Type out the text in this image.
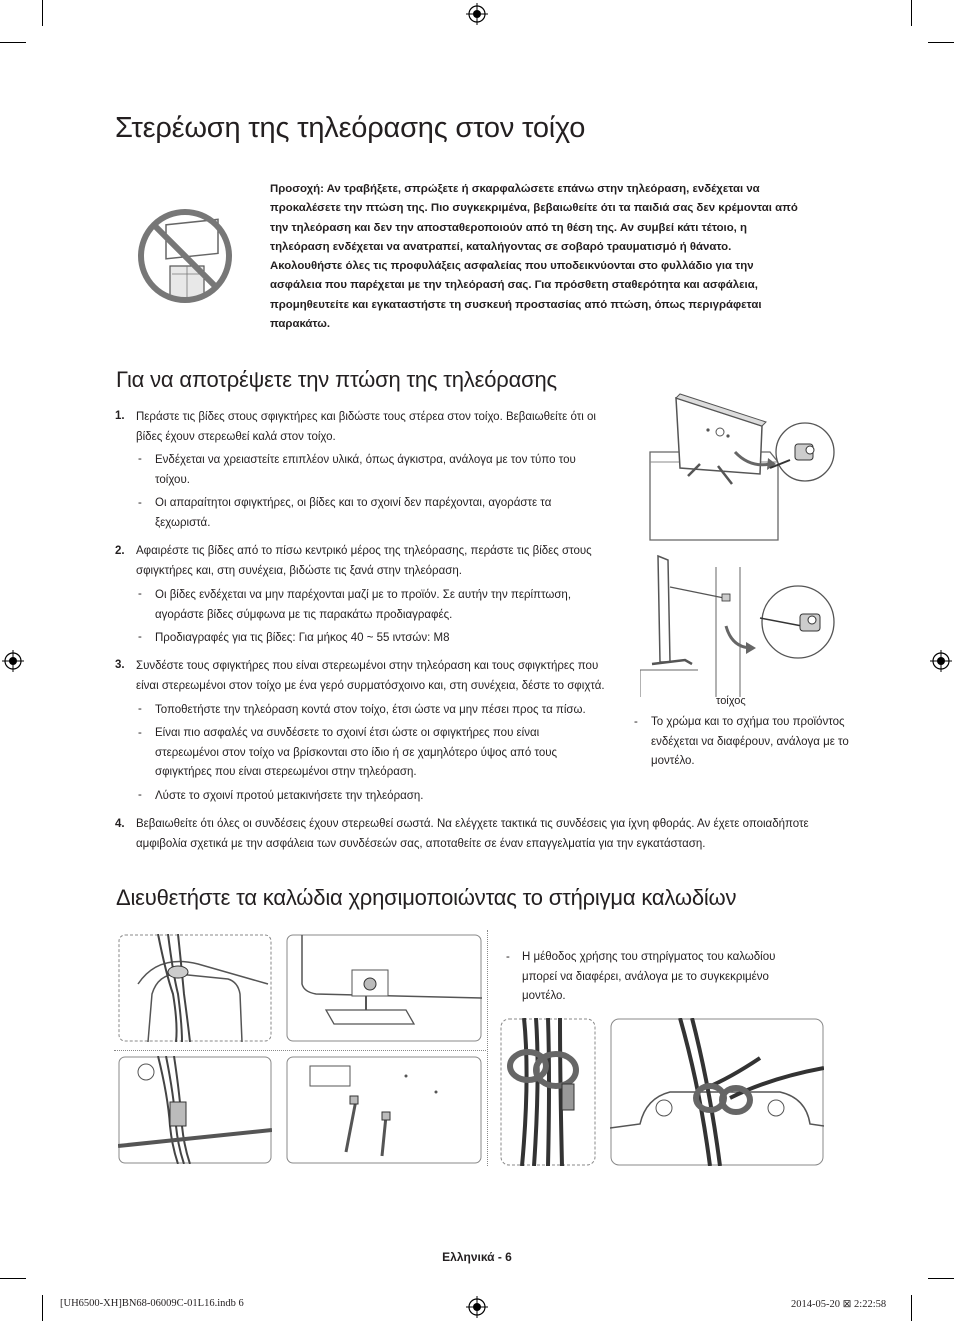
Στερέωση της τηλεόρασης στον τοίχο
Προσοχή: Αν τραβήξετε, σπρώξετε ή σκαρφαλώσετε επάνω στην τηλεόραση, ενδέχεται να προκαλέσετε την πτώση της. Πιο συγκεκριμένα, βεβαιωθείτε ότι τα παιδιά σας δεν κρέμονται από την τηλεόραση και δεν την αποσταθεροποιούν από τη θέση της. Αν συμβεί κάτι τέτοιο, η τηλεόραση ενδέχεται να ανατραπεί, καταλήγοντας σε σοβαρό τραυματισμό ή θάνατο. Ακολουθήστε όλες τις προφυλάξεις ασφαλείας που υποδεικνύονται στο φυλλάδιο για την ασφάλεια που παρέχεται με την τηλεόρασή σας. Για πρόσθετη σταθερότητα και ασφάλεια, προμηθευτείτε και εγκαταστήστε τη συσκευή προστασίας από πτώση, όπως περιγράφεται παρακάτω.
Για να αποτρέψετε την πτώση της τηλεόρασης
1. Περάστε τις βίδες στους σφιγκτήρες και βιδώστε τους στέρεα στον τοίχο. Βεβαιωθείτε ότι οι βίδες έχουν στερεωθεί καλά στον τοίχο.
- Ενδέχεται να χρειαστείτε επιπλέον υλικά, όπως άγκιστρα, ανάλογα με τον τύπο του τοίχου.
- Οι απαραίτητοι σφιγκτήρες, οι βίδες και το σχοινί δεν παρέχονται, αγοράστε τα ξεχωριστά.
2. Αφαιρέστε τις βίδες από το πίσω κεντρικό μέρος της τηλεόρασης, περάστε τις βίδες στους σφιγκτήρες και, στη συνέχεια, βιδώστε τις ξανά στην τηλεόραση.
- Οι βίδες ενδέχεται να μην παρέχονται μαζί με το προϊόν. Σε αυτήν την περίπτωση, αγοράστε βίδες σύμφωνα με τις παρακάτω προδιαγραφές.
- Προδιαγραφές για τις βίδες: Για μήκος 40 ~ 55 ιντσών: M8
3. Συνδέστε τους σφιγκτήρες που είναι στερεωμένοι στην τηλεόραση και τους σφιγκτήρες που είναι στερεωμένοι στον τοίχο με ένα γερό συρματόσχοινο και, στη συνέχεια, δέστε το σφιχτά.
- Τοποθετήστε την τηλεόραση κοντά στον τοίχο, έτσι ώστε να μην πέσει προς τα πίσω.
- Είναι πιο ασφαλές να συνδέσετε το σχοινί έτσι ώστε οι σφιγκτήρες που είναι στερεωμένοι στον τοίχο να βρίσκονται στο ίδιο ή σε χαμηλότερο ύψος από τους σφιγκτήρες που είναι στερεωμένοι στην τηλεόραση.
- Λύστε το σχοινί προτού μετακινήσετε την τηλεόραση.
4. Βεβαιωθείτε ότι όλες οι συνδέσεις έχουν στερεωθεί σωστά. Να ελέγχετε τακτικά τις συνδέσεις για ίχνη φθοράς. Αν έχετε οποιαδήποτε αμφιβολία σχετικά με την ασφάλεια των συνδέσεών σας, αποταθείτε σε έναν επαγγελματία για την εγκατάσταση.
τοίχος
- Το χρώμα και το σχήμα του προϊόντος ενδέχεται να διαφέρουν, ανάλογα με το μοντέλο.
Διευθετήστε τα καλώδια χρησιμοποιώντας το στήριγμα καλωδίων
- Η μέθοδος χρήσης του στηρίγματος του καλωδίου μπορεί να διαφέρει, ανάλογα με το συγκεκριμένο μοντέλο.
Ελληνικά - 6
[UH6500-XH]BN68-06009C-01L16.indb 6	2014-05-20 ⊠ 2:22:58
